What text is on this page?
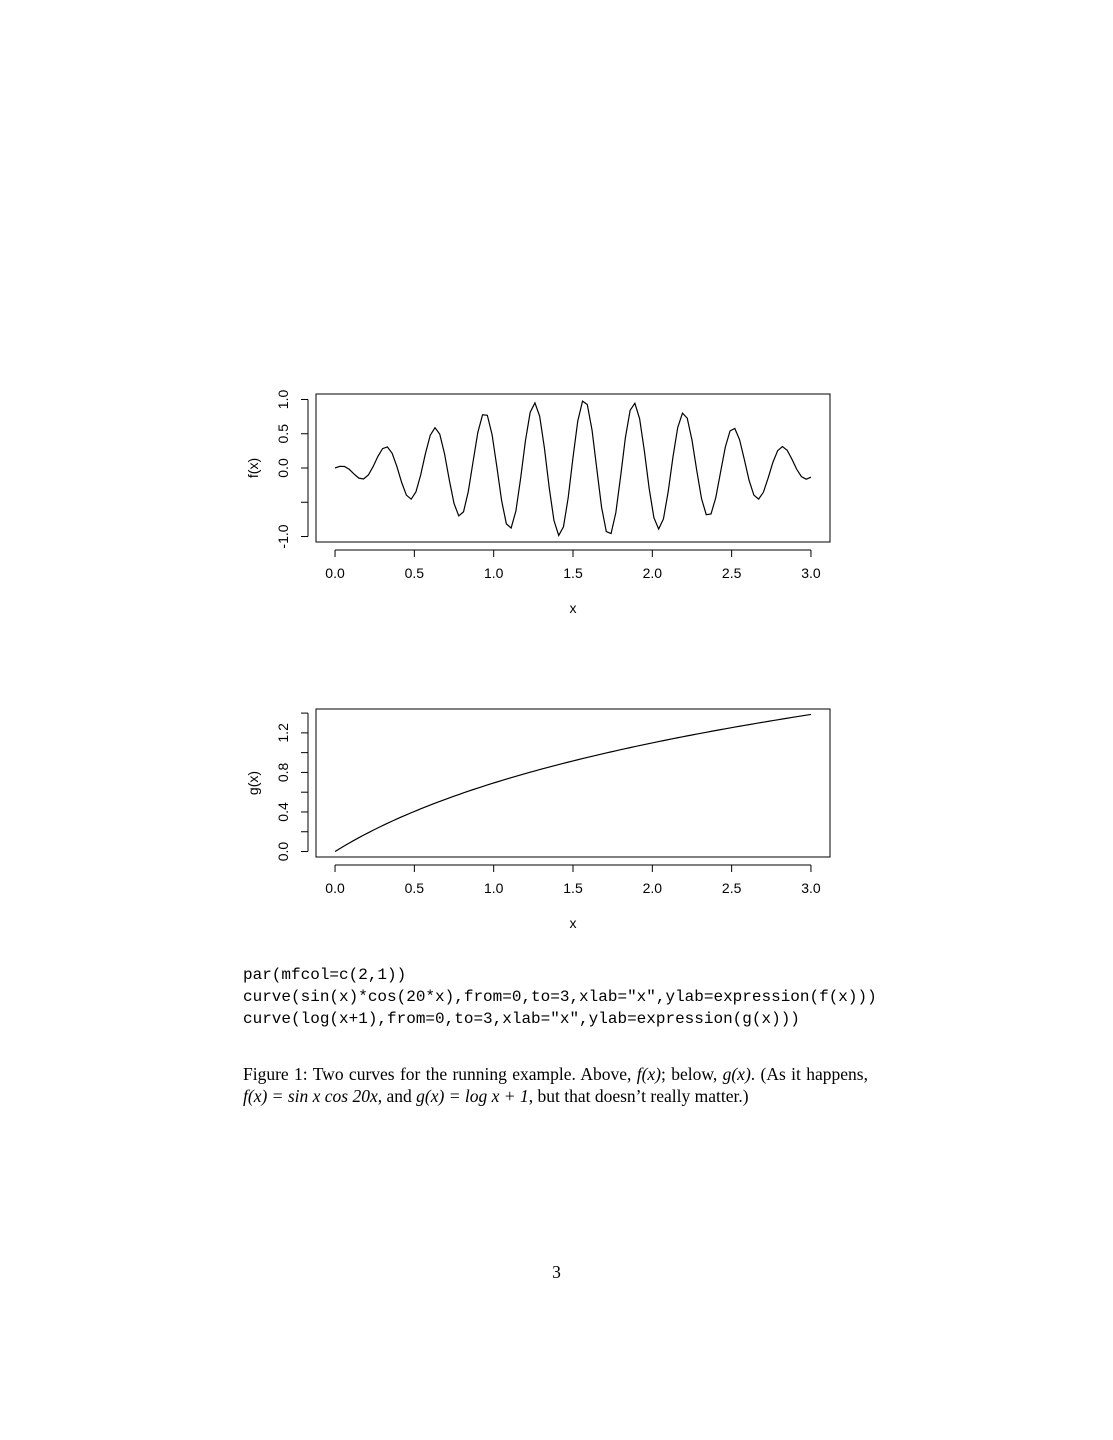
0.0	0.5	1.0	1.5	2.0	2.5	3.0
x
-1.0
0.0
0.5
1.0
f(x)
0.0	0.5	1.0	1.5	2.0	2.5	3.0
x
0.0
0.4
0.8
1.2
g(x)
par(mfcol=c(2,1))
curve(sin(x)*cos(20*x),from=0,to=3,xlab="x",ylab=expression(f(x)))
curve(log(x+1),from=0,to=3,xlab="x",ylab=expression(g(x)))
Figure 1: Two curves for the running example. Above, f(x); below, g(x). (As it happens, f(x) = sin x cos 20x, and g(x) = log x + 1, but that doesn’t really matter.)
3
